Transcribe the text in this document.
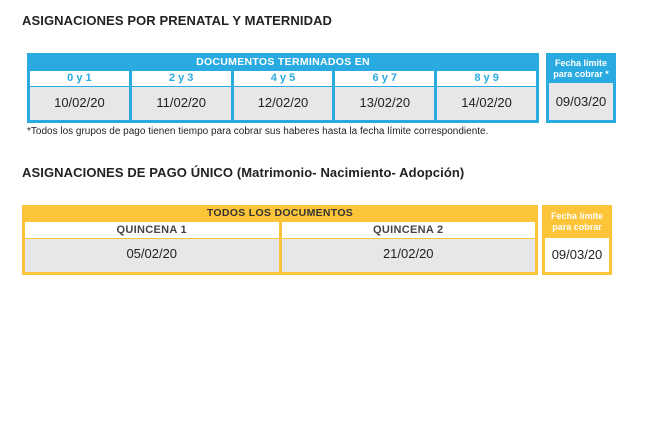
ASIGNACIONES POR PRENATAL Y MATERNIDAD
DOCUMENTOS TERMINADOS EN
0 y 1
10/02/20
2 y 3
11/02/20
4 y 5
12/02/20
6 y 7
13/02/20
8 y 9
14/02/20
Fecha límite
para cobrar *
09/03/20
*Todos los grupos de pago tienen tiempo para cobrar sus haberes hasta la fecha límite correspondiente.
ASIGNACIONES DE PAGO ÚNICO (Matrimonio- Nacimiento- Adopción)
TODOS LOS DOCUMENTOS
QUINCENA 1
05/02/20
QUINCENA 2
21/02/20
Fecha límite
para cobrar
09/03/20
